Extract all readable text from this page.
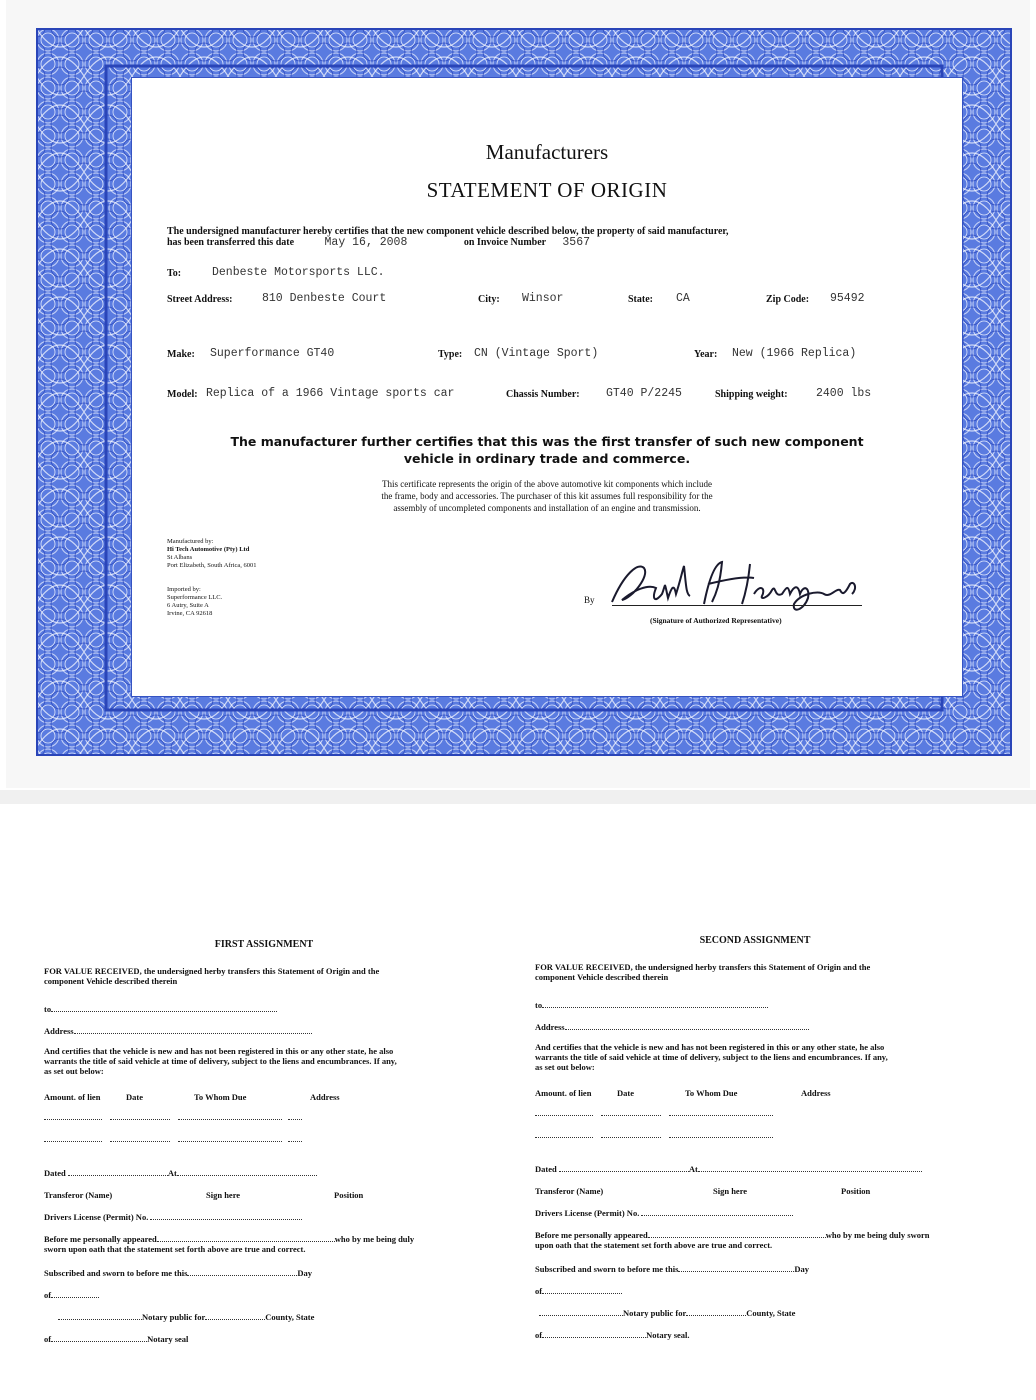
Manufacturers
STATEMENT OF ORIGIN
The undersigned manufacturer hereby certifies that the new component vehicle described below, the property of said manufacturer,
has been transferred this date	May 16, 2008	on Invoice Number 3567
To:	Denbeste Motorsports LLC.
Street Address:	810 Denbeste Court	City: Winsor	State: CA	Zip Code: 95492
Make: Superformance GT40	Type: CN (Vintage Sport)	Year: New (1966 Replica)
Model: Replica of a 1966 Vintage sports car	Chassis Number: GT40 P/2245	Shipping weight: 2400 lbs
The manufacturer further certifies that this was the first transfer of such new component
vehicle in ordinary trade and commerce.
This certificate represents the origin of the above automotive kit components which include
the frame, body and accessories. The purchaser of this kit assumes full responsibility for the
assembly of uncompleted components and installation of an engine and transmission.
Manufactured by:
Hi Tech Automotive (Pty) Ltd
St Albans
Port Elizabeth, South Africa, 6001
Imported by:
Superformance LLC.
6 Autry, Suite A
Irvine, CA 92618
By
(Signature of Authorized Representative)
FIRST ASSIGNMENT
FOR VALUE RECEIVED, the undersigned herby transfers this Statement of Origin and the
component Vehicle described therein
to
Address
And certifies that the vehicle is new and has not been registered in this or any other state, he also
warrants the title of said vehicle at time of delivery, subject to the liens and encumbrances. If any,
as set out below:
Amount. of lien	Date	To Whom Due	Address

Dated	At
Transferor (Name)	Sign here	Position
Drivers License (Permit) No.
Before me personally appeared	who by me being duly
sworn upon oath that the statement set forth above are true and correct.
Subscribed and sworn to before me this	Day
of
Notary public for	County, State
of	Notary seal
SECOND ASSIGNMENT
FOR VALUE RECEIVED, the undersigned herby transfers this Statement of Origin and the
component Vehicle described therein
to
Address
And certifies that the vehicle is new and has not been registered in this or any other state, he also
warrants the title of said vehicle at time of delivery, subject to the liens and encumbrances. If any,
as set out below:
Amount. of lien	Date	To Whom Due	Address

Dated	At
Transferor (Name)	Sign here	Position
Drivers License (Permit) No.
Before me personally appeared	who by me being duly sworn
upon oath that the statement set forth above are true and correct.
Subscribed and sworn to before me this	Day
of
Notary public for	County, State
of	Notary seal.
